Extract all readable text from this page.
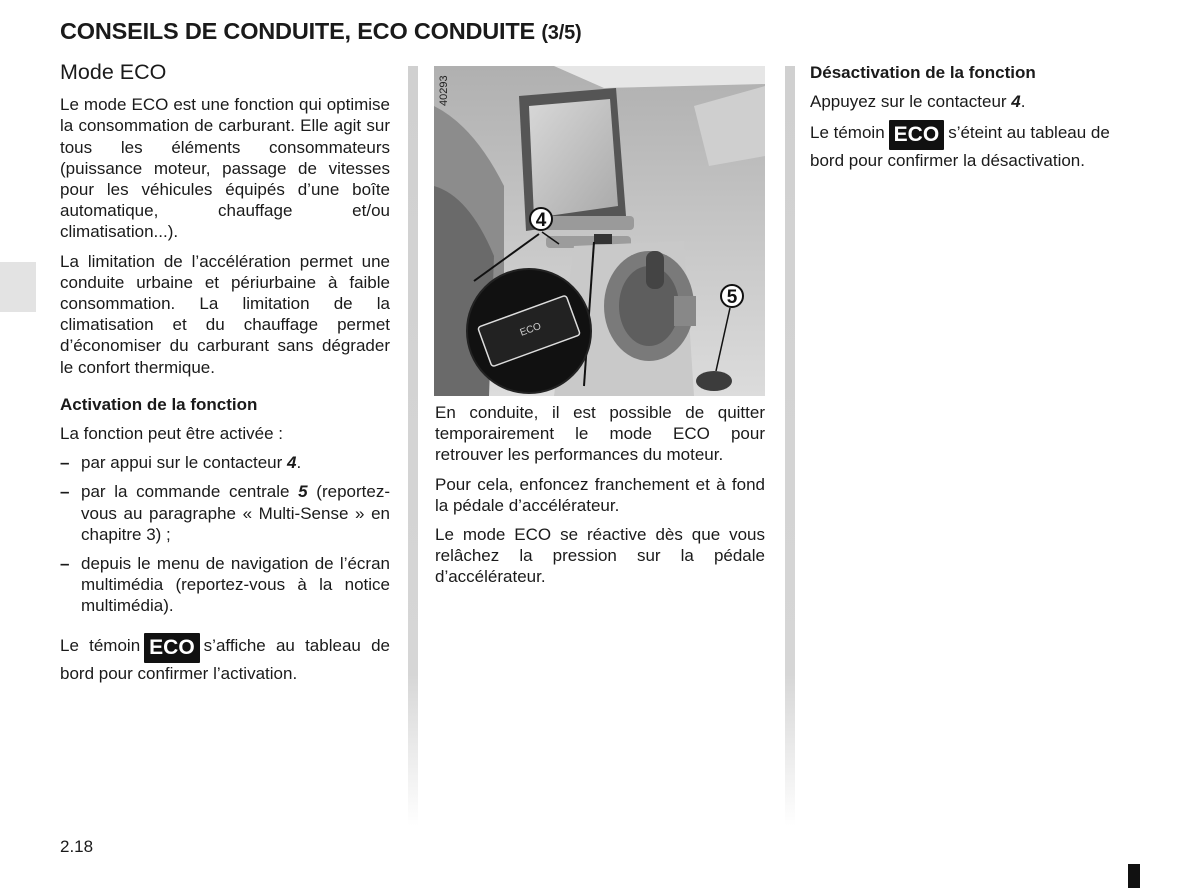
CONSEILS DE CONDUITE, ECO CONDUITE (3/5)
Mode ECO

Le mode ECO est une fonction qui optimise la consommation de carburant. Elle agit sur tous les éléments consommateurs (puissance moteur, passage de vitesses pour les véhicules équipés d’une boîte automatique, chauffage et/ou climatisation...).

La limitation de l’accélération permet une conduite urbaine et périurbaine à faible consommation. La limitation de la climatisation et du chauffage permet d’économiser du carburant sans dégrader le confort thermique.

Activation de la fonction

La fonction peut être activée :

– par appui sur le contacteur 4.
– par la commande centrale 5 (reportez-vous au paragraphe « Multi-Sense » en chapitre 3) ;
– depuis le menu de navigation de l’écran multimédia (reportez-vous à la notice multimédia).

Le témoin ECO s’affiche au tableau de bord pour confirmer l’activation.

ECO
4
5
40293

En conduite, il est possible de quitter temporairement le mode ECO pour retrouver les performances du moteur.

Pour cela, enfoncez franchement et à fond la pédale d’accélérateur.

Le mode ECO se réactive dès que vous relâchez la pression sur la pédale d’accélérateur.

Désactivation de la fonction

Appuyez sur le contacteur 4.

Le témoin ECO s’éteint au tableau de bord pour confirmer la désactivation.

2.18
